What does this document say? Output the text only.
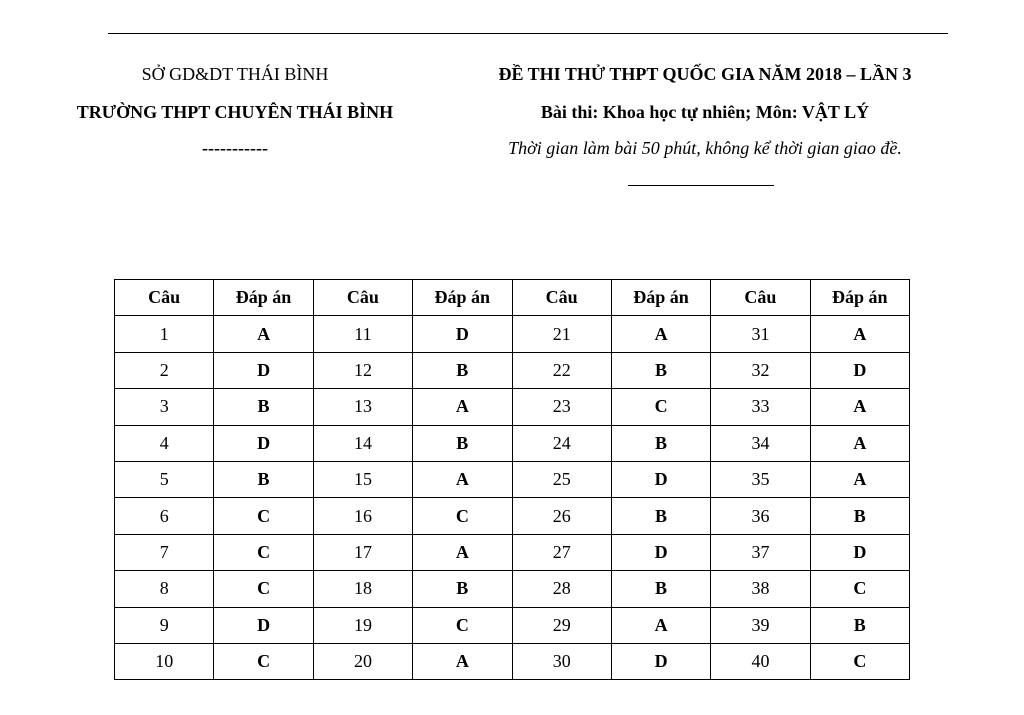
SỞ GD&DT THÁI BÌNH
TRƯỜNG THPT CHUYÊN THÁI BÌNH
-----------
ĐỀ THI THỬ THPT QUỐC GIA NĂM 2018 – LẦN 3
Bài thi: Khoa học tự nhiên; Môn: VẬT LÝ
Thời gian làm bài 50 phút, không kể thời gian giao đề.
Câu	Đáp án	Câu	Đáp án	Câu	Đáp án	Câu	Đáp án
1	A	11	D	21	A	31	A
2	D	12	B	22	B	32	D
3	B	13	A	23	C	33	A
4	D	14	B	24	B	34	A
5	B	15	A	25	D	35	A
6	C	16	C	26	B	36	B
7	C	17	A	27	D	37	D
8	C	18	B	28	B	38	C
9	D	19	C	29	A	39	B
10	C	20	A	30	D	40	C
